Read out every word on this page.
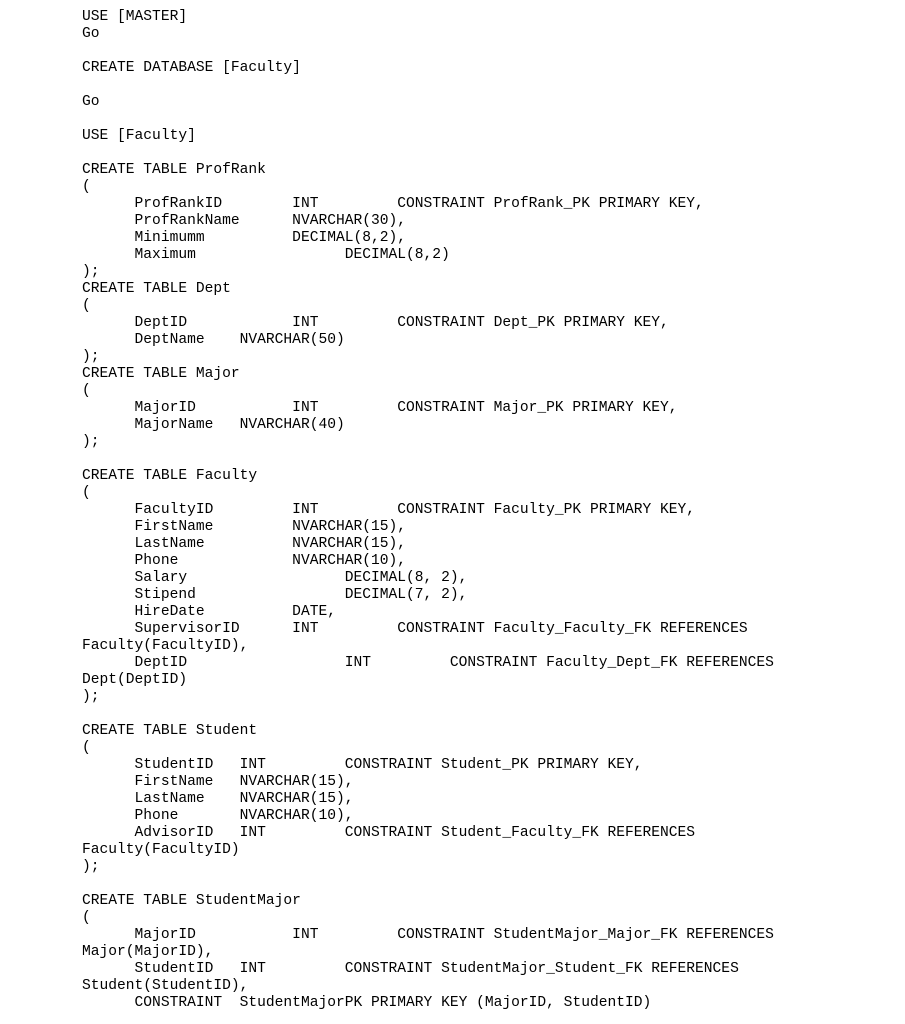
USE [MASTER]
Go
CREATE DATABASE [Faculty]
Go
USE [Faculty]
CREATE TABLE ProfRank
(
ProfRankID        INT         CONSTRAINT ProfRank_PK PRIMARY KEY,
ProfRankName      NVARCHAR(30),
Minimumm          DECIMAL(8,2),
Maximum                 DECIMAL(8,2)
);
CREATE TABLE Dept
(
DeptID            INT         CONSTRAINT Dept_PK PRIMARY KEY,
DeptName    NVARCHAR(50)
);
CREATE TABLE Major
(
MajorID           INT         CONSTRAINT Major_PK PRIMARY KEY,
MajorName   NVARCHAR(40)
);
CREATE TABLE Faculty
(
FacultyID         INT         CONSTRAINT Faculty_PK PRIMARY KEY,
FirstName         NVARCHAR(15),
LastName          NVARCHAR(15),
Phone             NVARCHAR(10),
Salary                  DECIMAL(8, 2),
Stipend                 DECIMAL(7, 2),
HireDate          DATE,
SupervisorID      INT         CONSTRAINT Faculty_Faculty_FK REFERENCES
Faculty(FacultyID),
DeptID                  INT         CONSTRAINT Faculty_Dept_FK REFERENCES
Dept(DeptID)
);
CREATE TABLE Student
(
StudentID   INT         CONSTRAINT Student_PK PRIMARY KEY,
FirstName   NVARCHAR(15),
LastName    NVARCHAR(15),
Phone       NVARCHAR(10),
AdvisorID   INT         CONSTRAINT Student_Faculty_FK REFERENCES
Faculty(FacultyID)
);
CREATE TABLE StudentMajor
(
MajorID           INT         CONSTRAINT StudentMajor_Major_FK REFERENCES
Major(MajorID),
StudentID   INT         CONSTRAINT StudentMajor_Student_FK REFERENCES
Student(StudentID),
CONSTRAINT  StudentMajorPK PRIMARY KEY (MajorID, StudentID)
